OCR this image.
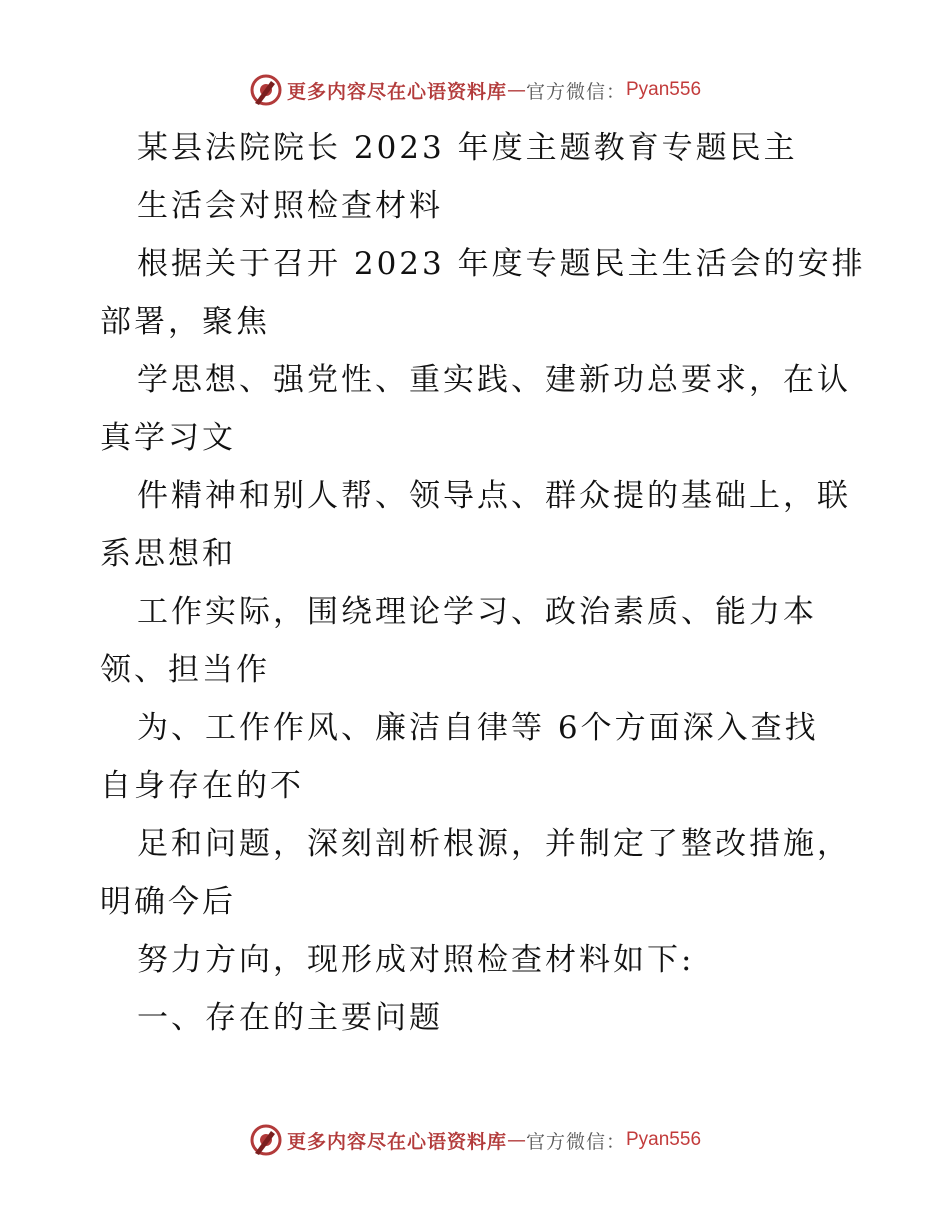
更多内容尽在心语资料库 — 官方微信： Pyan556
某县法院院长 2023 年度主题教育专题民主
生活会对照检查材料
根据关于召开 2023 年度专题民主生活会的安排
部署，聚焦
学思想、强党性、重实践、建新功总要求，在认
真学习文
件精神和别人帮、领导点、群众提的基础上，联
系思想和
工作实际，围绕理论学习、政治素质、能力本
领、担当作
为、工作作风、廉洁自律等 6个方面深入查找
自身存在的不
足和问题，深刻剖析根源，并制定了整改措施，
明确今后
努力方向，现形成对照检查材料如下:
一、存在的主要问题
更多内容尽在心语资料库 — 官方微信： Pyan556
